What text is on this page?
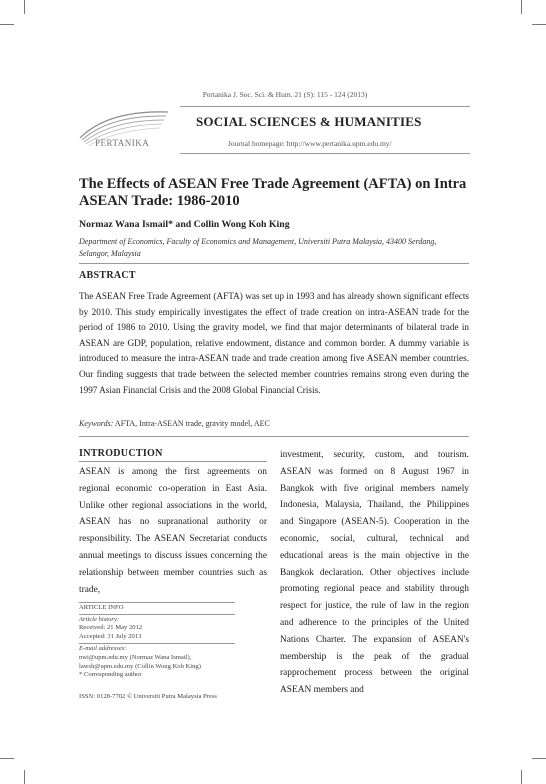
Pertanika J. Soc. Sci. & Hum. 21 (S): 115 - 124 (2013)
PERTANIKA
SOCIAL SCIENCES & HUMANITIES
Journal homepage: http://www.pertanika.upm.edu.my/
The Effects of ASEAN Free Trade Agreement (AFTA) on Intra ASEAN Trade: 1986-2010
Normaz Wana Ismail* and Collin Wong Koh King
Department of Economics, Faculty of Economics and Management, Universiti Putra Malaysia, 43400 Serdang, Selangor, Malaysia
ABSTRACT
The ASEAN Free Trade Agreement (AFTA) was set up in 1993 and has already shown significant effects by 2010. This study empirically investigates the effect of trade creation on intra-ASEAN trade for the period of 1986 to 2010. Using the gravity model, we find that major determinants of bilateral trade in ASEAN are GDP, population, relative endowment, distance and common border. A dummy variable is introduced to measure the intra-ASEAN trade and trade creation among five ASEAN member countries. Our finding suggests that trade between the selected member countries remains strong even during the 1997 Asian Financial Crisis and the 2008 Global Financial Crisis.
Keywords: AFTA, Intra-ASEAN trade, gravity model, AEC
INTRODUCTION
ASEAN is among the first agreements on regional economic co-operation in East Asia. Unlike other regional associations in the world, ASEAN has no supranational authority or responsibility. The ASEAN Secretariat conducts annual meetings to discuss issues concerning the relationship between member countries such as trade,
investment, security, custom, and tourism. ASEAN was formed on 8 August 1967 in Bangkok with five original members namely Indonesia, Malaysia, Thailand, the Philippines and Singapore (ASEAN-5). Cooperation in the economic, social, cultural, technical and educational areas is the main objective in the Bangkok declaration. Other objectives include promoting regional peace and stability through respect for justice, the rule of law in the region and adherence to the principles of the United Nations Charter. The expansion of ASEAN's membership is the peak of the gradual rapprochement process between the original ASEAN members and
ARTICLE INFO
Article history:
Received: 21 May 2012
Accepted: 31 July 2013
E-mail addresses:
nwi@upm.edu.my (Normaz Wana Ismail),
lawsh@upm.edu.my (Collin Wong Koh King)
* Corresponding author
ISSN: 0128-7702 © Universiti Putra Malaysia Press
